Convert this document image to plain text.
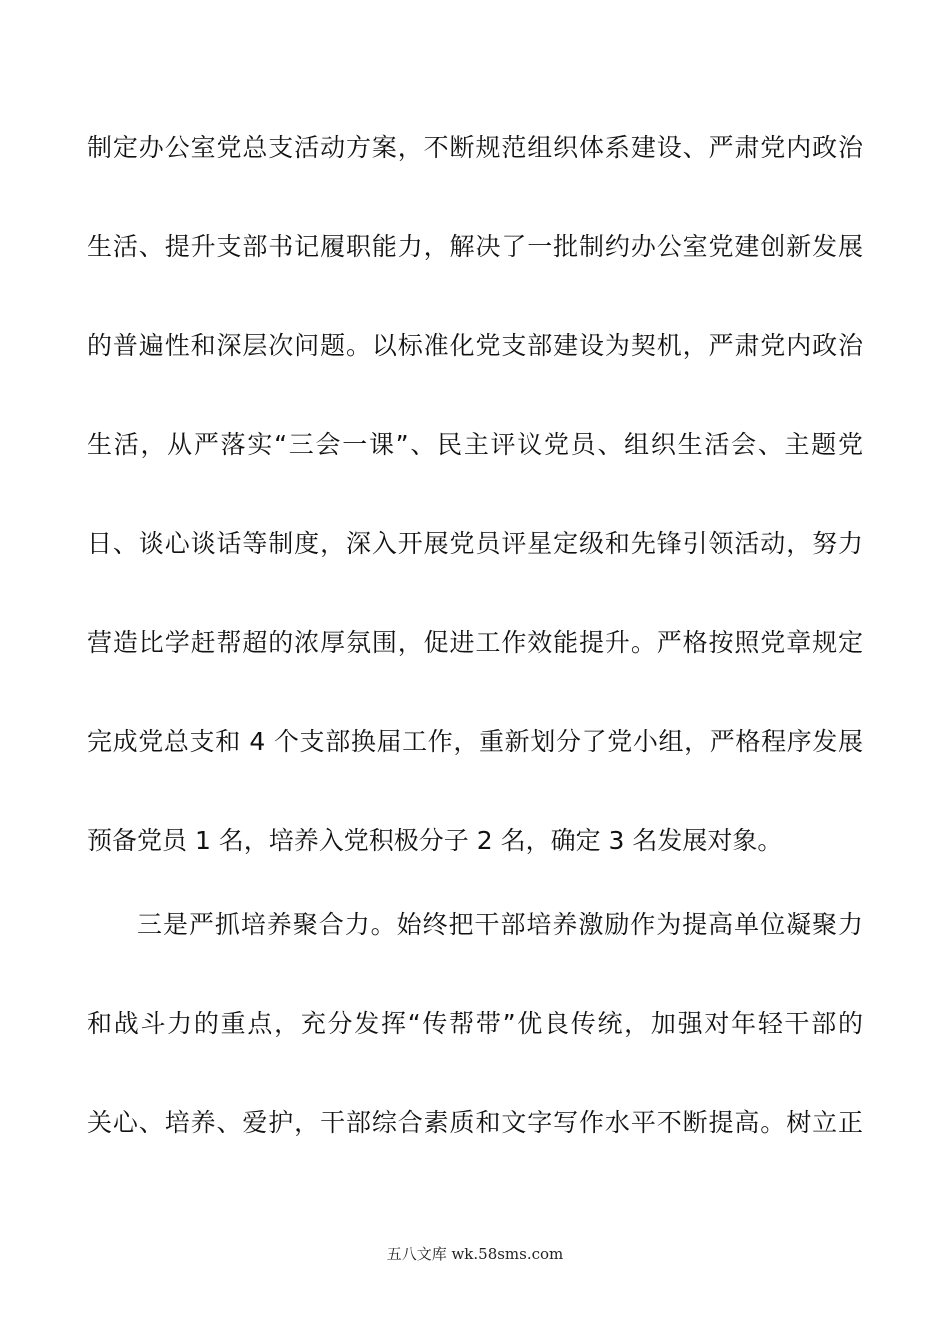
制定办公室党总支活动方案，不断规范组织体系建设、严肃党内政治
生活、提升支部书记履职能力，解决了一批制约办公室党建创新发展
的普遍性和深层次问题。以标准化党支部建设为契机，严肃党内政治
生活，从严落实“三会一课”、民主评议党员、组织生活会、主题党
日、谈心谈话等制度，深入开展党员评星定级和先锋引领活动，努力
营造比学赶帮超的浓厚氛围，促进工作效能提升。严格按照党章规定
完成党总支和 4 个支部换届工作，重新划分了党小组，严格程序发展
预备党员 1 名，培养入党积极分子 2 名，确定 3 名发展对象。
三是严抓培养聚合力。始终把干部培养激励作为提高单位凝聚力
和战斗力的重点，充分发挥“传帮带”优良传统，加强对年轻干部的
关心、培养、爱护，干部综合素质和文字写作水平不断提高。树立正
五八文库 wk.58sms.com
